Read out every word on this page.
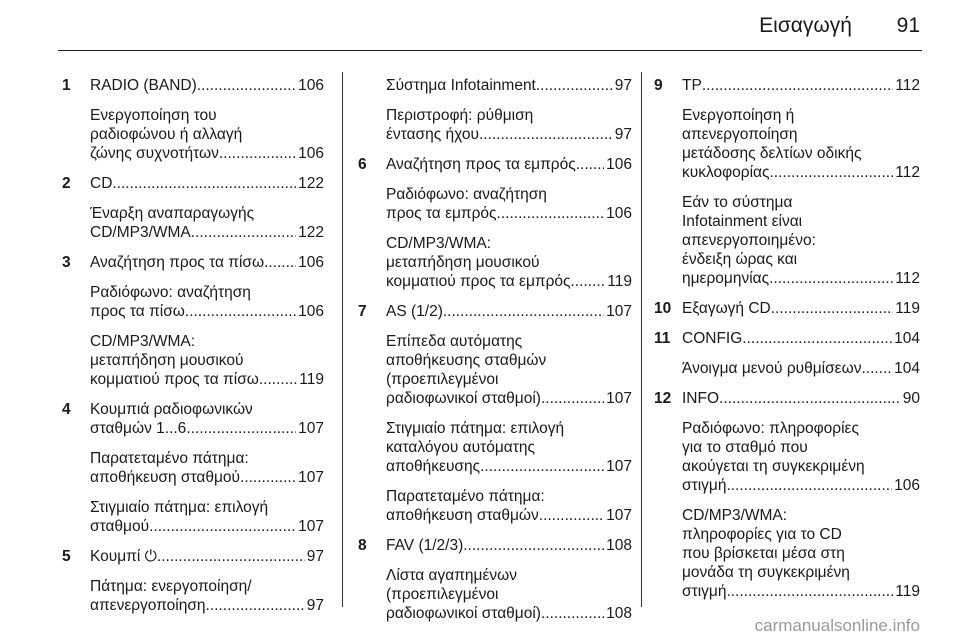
Εισαγωγή 91
1	RADIO (BAND) .....	106
Ενεργοποίηση του
ραδιοφώνου ή αλλαγή
ζώνης συχνοτήτων .....	106
2	CD .....	122
Έναρξη αναπαραγωγής
CD/MP3/WMA .....	122
3	Αναζήτηση προς τα πίσω ..... 106
Ραδιόφωνο: αναζήτηση
προς τα πίσω .....	106
CD/MP3/WMA:
μεταπήδηση μουσικού
κομματιού προς τα πίσω .....	119
4	Κουμπιά ραδιοφωνικών
σταθμών 1...6 .....	107
Παρατεταμένο πάτημα:
αποθήκευση σταθμού .....	107
Στιγμιαίο πάτημα: επιλογή
σταθμού .....	107
5	Κουμπί ⏻ .....	97
Πάτημα: ενεργοποίηση/
απενεργοποίηση .....	97
Σύστημα Infotainment .....	97
Περιστροφή: ρύθμιση
έντασης ήχου .....	97
6	Αναζήτηση προς τα εμπρός ..... 106
Ραδιόφωνο: αναζήτηση
προς τα εμπρός .....	106
CD/MP3/WMA:
μεταπήδηση μουσικού
κομματιού προς τα εμπρός ..... 119
7	AS (1/2) .....	107
Επίπεδα αυτόματης
αποθήκευσης σταθμών
(προεπιλεγμένοι
ραδιοφωνικοί σταθμοί) .....	107
Στιγμιαίο πάτημα: επιλογή
καταλόγου αυτόματης
αποθήκευσης .....	107
Παρατεταμένο πάτημα:
αποθήκευση σταθμών .....	107
8	FAV (1/2/3) .....	108
Λίστα αγαπημένων
(προεπιλεγμένοι
ραδιοφωνικοί σταθμοί) .....	108
9	TP .....	112
Ενεργοποίηση ή
απενεργοποίηση
μετάδοσης δελτίων οδικής
κυκλοφορίας .....	112
Εάν το σύστημα
Infotainment είναι
απενεργοποιημένο:
ένδειξη ώρας και
ημερομηνίας .....	112
10 Εξαγωγή CD .....	119
11 CONFIG .....	104
Άνοιγμα μενού ρυθμίσεων ..... 104
12 INFO .....	90
Ραδιόφωνο: πληροφορίες
για το σταθμό που
ακούγεται τη συγκεκριμένη
στιγμή .....	106
CD/MP3/WMA:
πληροφορίες για το CD
που βρίσκεται μέσα στη
μονάδα τη συγκεκριμένη
στιγμή .....	119
carmanualsonline.info
